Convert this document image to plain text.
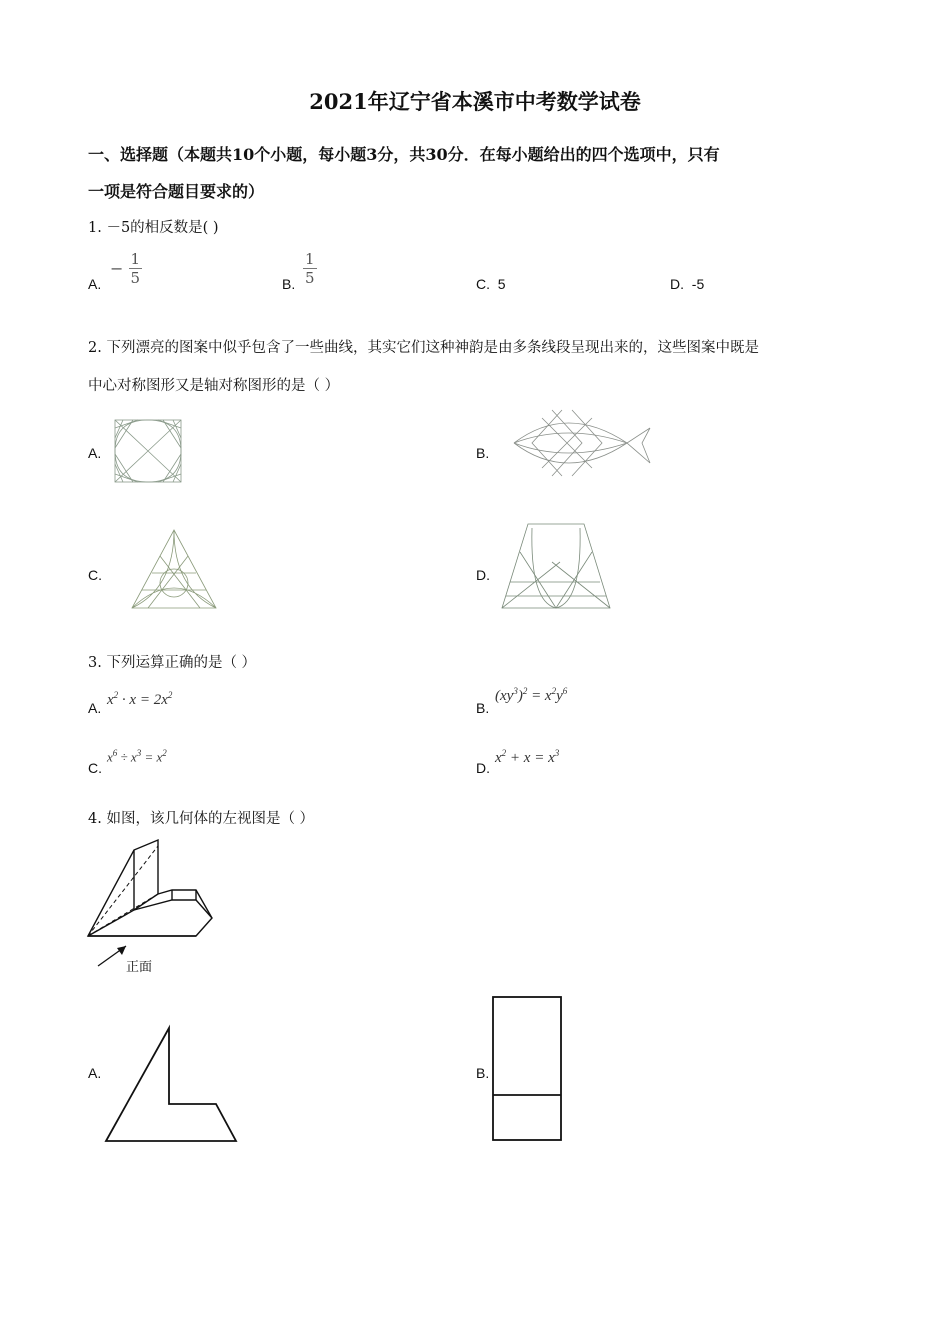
2021年辽宁省本溪市中考数学试卷
一、选择题（本题共10个小题，每小题3分，共30分．在每小题给出的四个选项中，只有
一项是符合题目要求的）
1. －5的相反数是( )
A.
− $\frac{1}{5}$	B. $\frac{1}{5}$	C. 5	D. -5
2. 下列漂亮的图案中似乎包含了一些曲线，其实它们这种神韵是由多条线段呈现出来的，这些图案中既是
中心对称图形又是轴对称图形的是（ ）
A.	B.
C.	D.
3. 下列运算正确的是（ ）
A. $x^2 \cdot x = 2x^2$
B.
$(xy^3)^2 = x^2y^6$
C.
$x^6 \div x^3 = x^2$
D.
$x^2 + x = x^3$
4. 如图，该几何体的左视图是（ ）
正面
A.	B.
